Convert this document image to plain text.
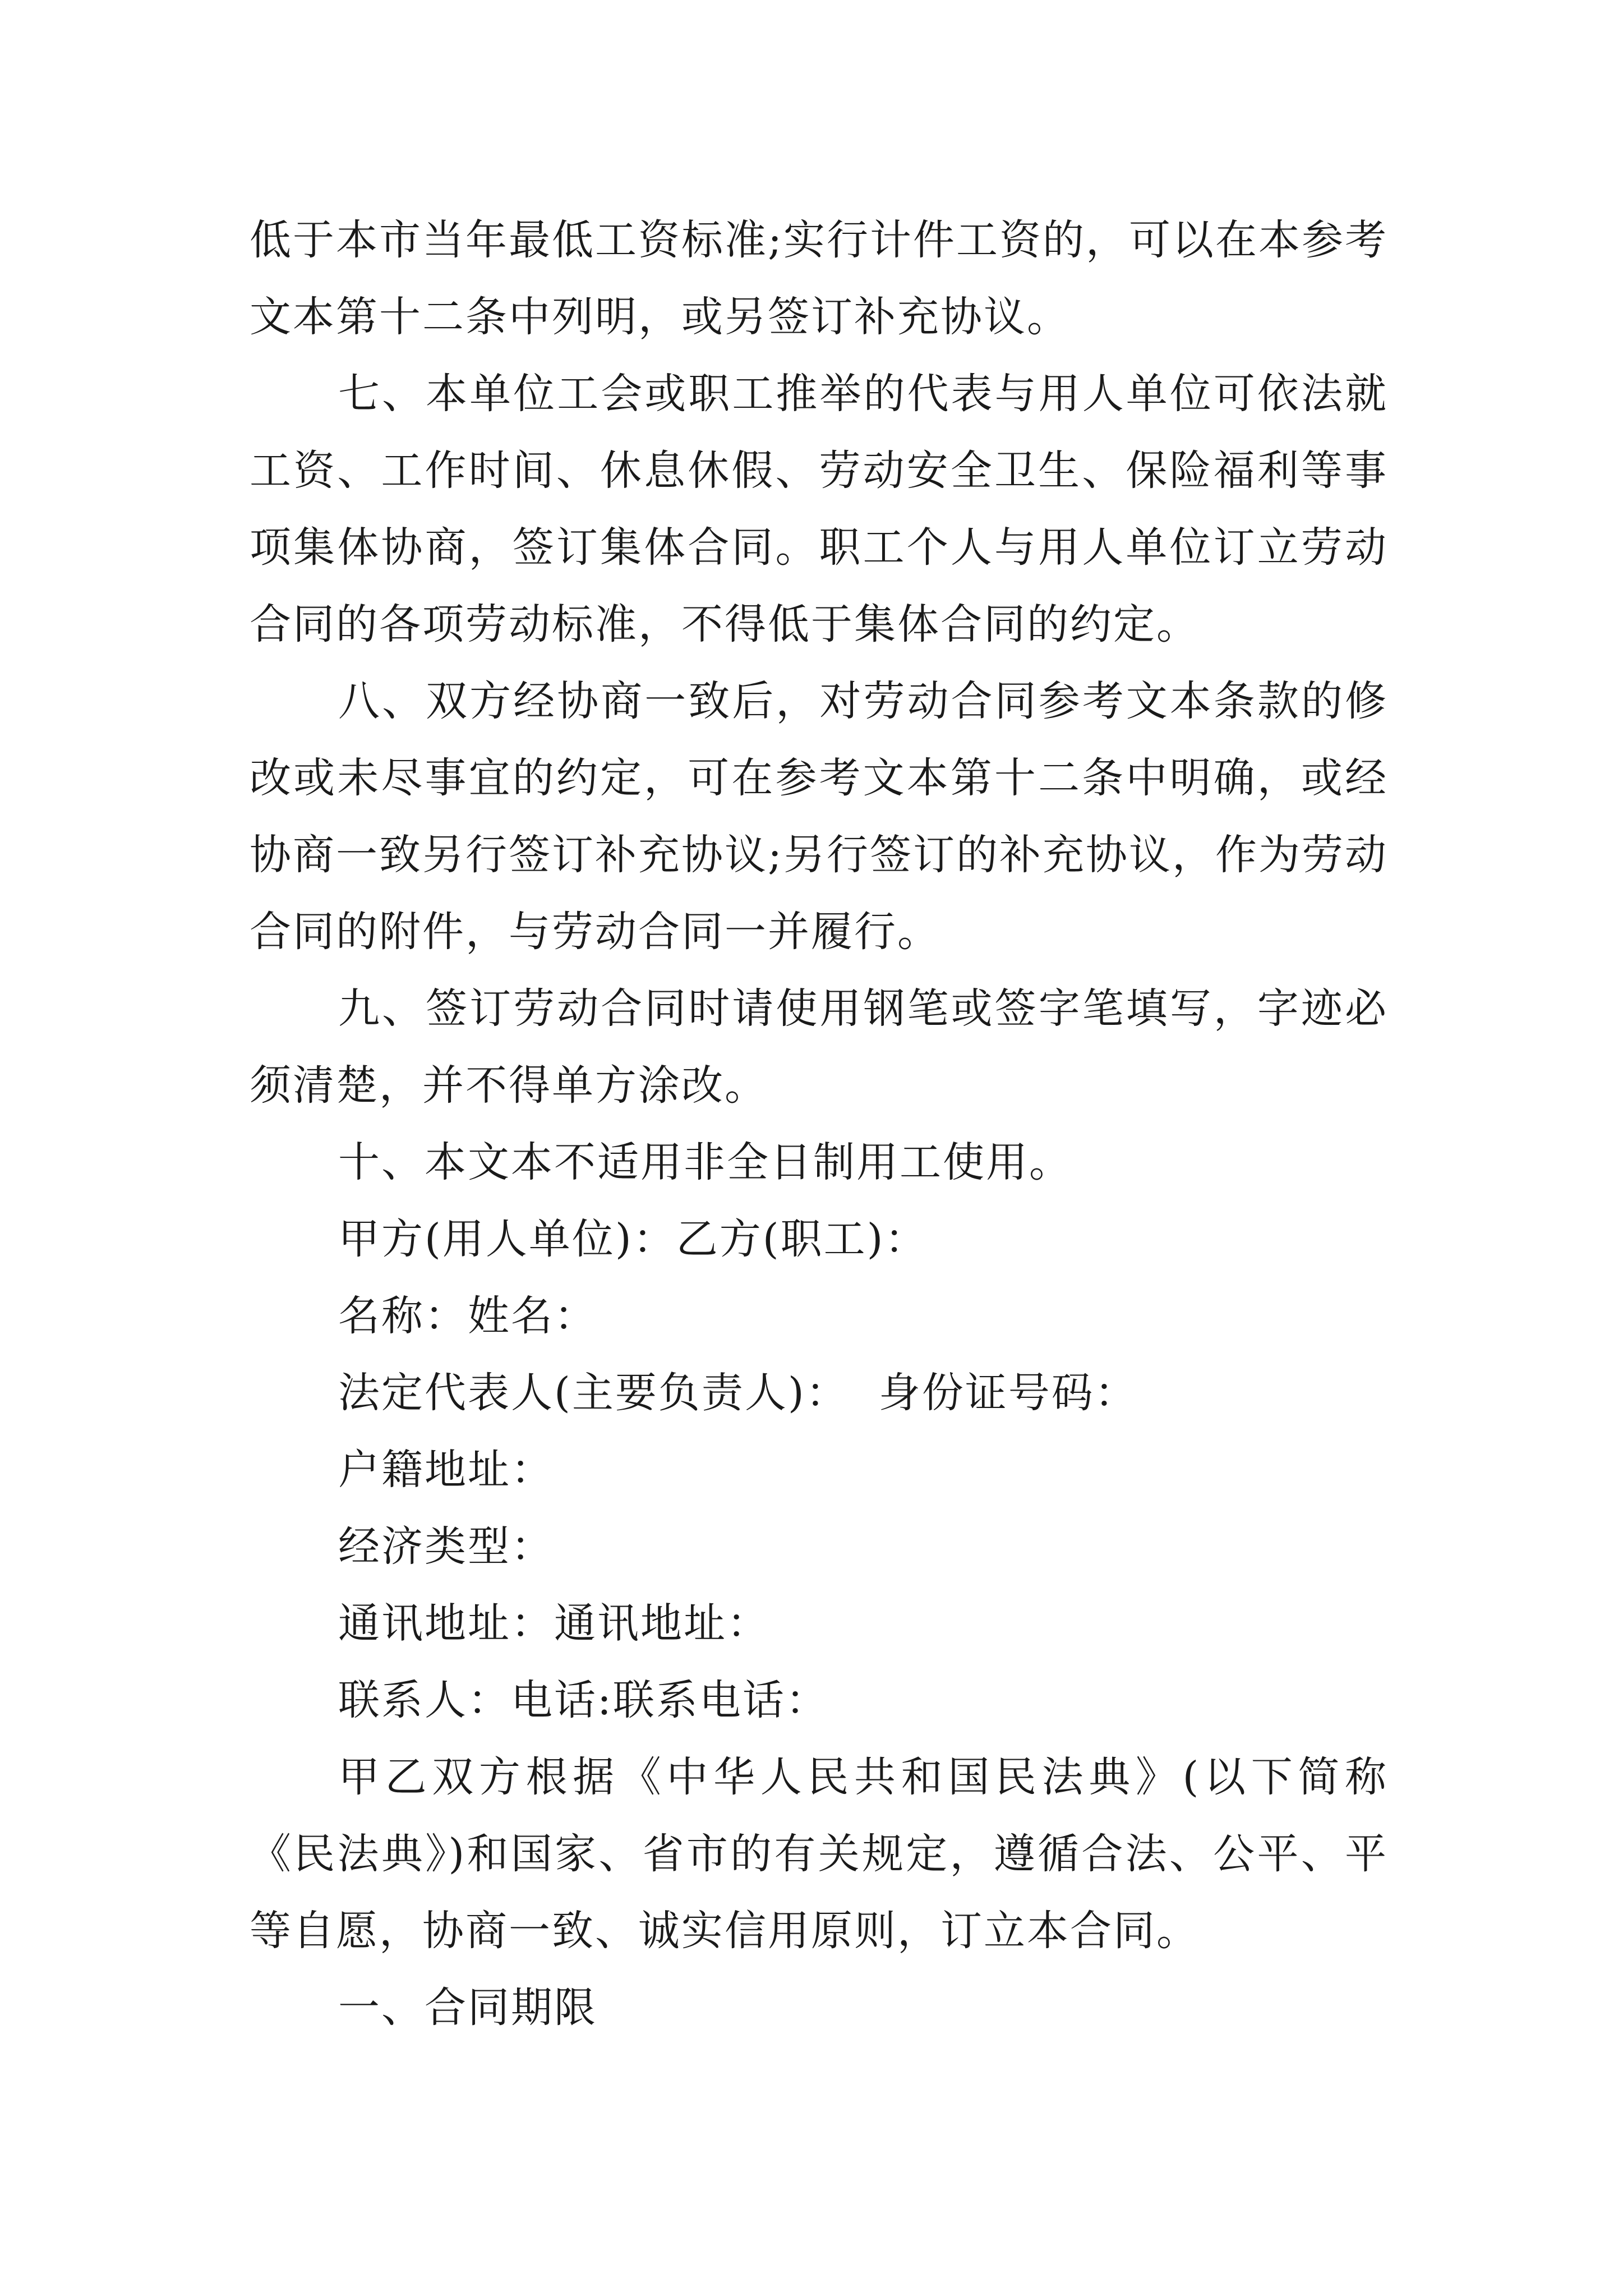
低于本市当年最低工资标准;实行计件工资的，可以在本参考文本第十二条中列明，或另签订补充协议。

七、本单位工会或职工推举的代表与用人单位可依法就工资、工作时间、休息休假、劳动安全卫生、保险福利等事项集体协商，签订集体合同。职工个人与用人单位订立劳动合同的各项劳动标准，不得低于集体合同的约定。

八、双方经协商一致后，对劳动合同参考文本条款的修改或未尽事宜的约定，可在参考文本第十二条中明确，或经协商一致另行签订补充协议;另行签订的补充协议，作为劳动合同的附件，与劳动合同一并履行。

九、签订劳动合同时请使用钢笔或签字笔填写，字迹必须清楚，并不得单方涂改。

十、本文本不适用非全日制用工使用。

甲方(用人单位)：乙方(职工)：

名称：姓名：

法定代表人(主要负责人)：  身份证号码：

户籍地址：

经济类型：

通讯地址：通讯地址：

联系人：电话:联系电话：

甲乙双方根据《中华人民共和国民法典》(以下简称《民法典》)和国家、省市的有关规定，遵循合法、公平、平等自愿，协商一致、诚实信用原则，订立本合同。

一、合同期限
